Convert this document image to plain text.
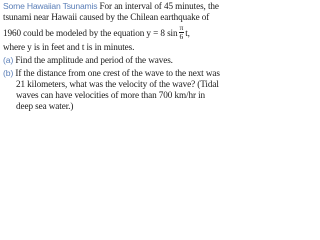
Some Hawaiian Tsunamis For an interval of 45 minutes, the
tsunami near Hawaii caused by the Chilean earthquake of
1960 could be modeled by the equation y = 8 $\sin \frac{\pi}{6} t$,
where y is in feet and t is in minutes.
(a) Find the amplitude and period of the waves.
(b) If the distance from one crest of the wave to the next was
21 kilometers, what was the velocity of the wave? (Tidal
waves can have velocities of more than 700 km/hr in
deep sea water.)
